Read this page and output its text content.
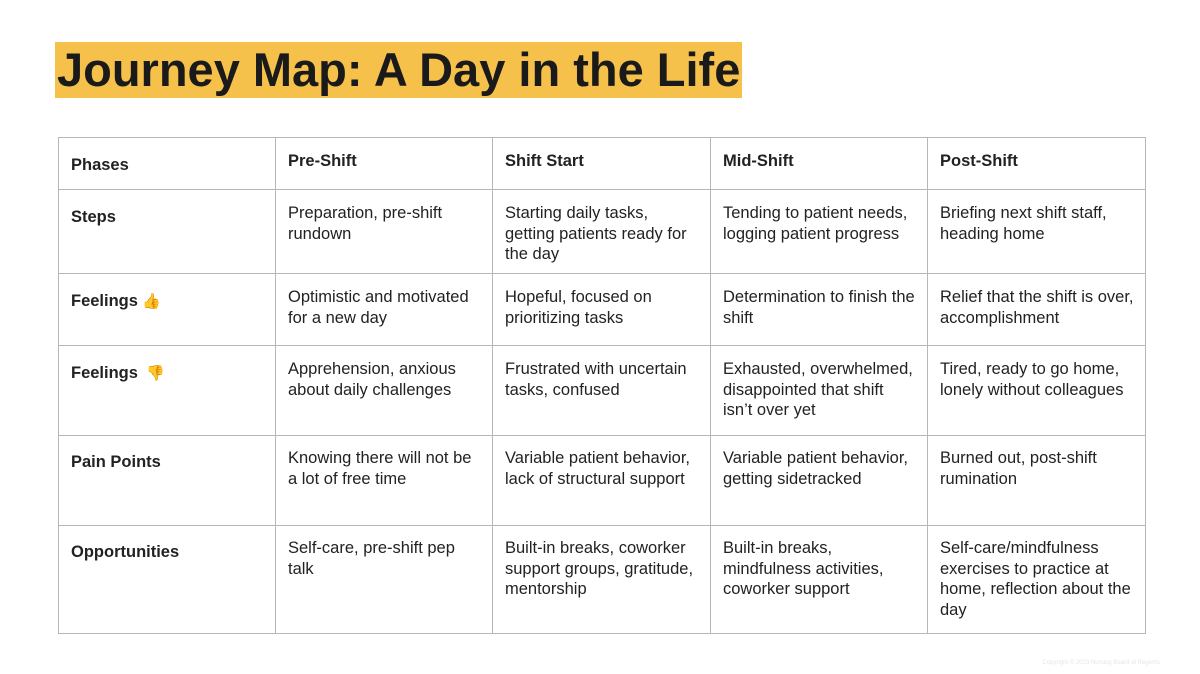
Journey Map: A Day in the Life
Phases	Pre-Shift	Shift Start	Mid-Shift	Post-Shift
Steps	Preparation, pre-shift rundown	Starting daily tasks, getting patients ready for the day	Tending to patient needs, logging patient progress	Briefing next shift staff, heading home
Feelings 👍	Optimistic and motivated for a new day	Hopeful, focused on prioritizing tasks	Determination to finish the shift	Relief that the shift is over, accomplishment
Feelings 👎	Apprehension, anxious about daily challenges	Frustrated with uncertain tasks, confused	Exhausted, overwhelmed, disappointed that shift isn’t over yet	Tired, ready to go home, lonely without colleagues
Pain Points	Knowing there will not be a lot of free time	Variable patient behavior, lack of structural support	Variable patient behavior, getting sidetracked	Burned out, post-shift rumination
Opportunities	Self-care, pre-shift pep talk	Built-in breaks, coworker support groups, gratitude, mentorship	Built-in breaks, mindfulness activities, coworker support	Self-care/mindfulness exercises to practice at home, reflection about the day
Copyright © 2023 Nursing Board of Regents
